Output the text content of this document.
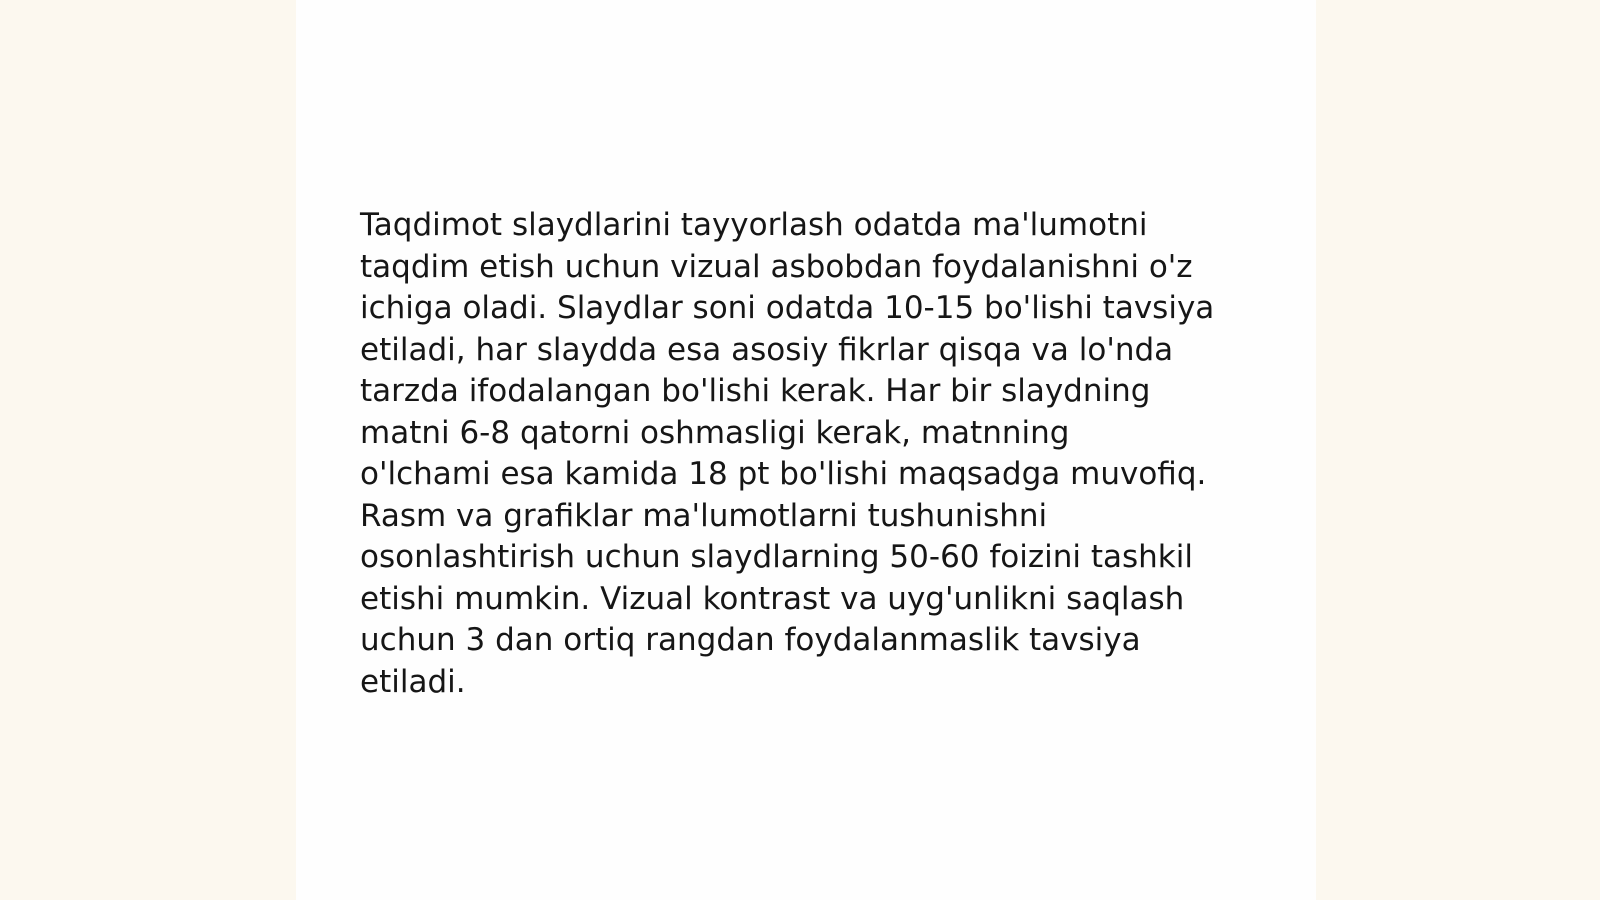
Taqdimot slaydlarini tayyorlash odatda ma'lumotni
taqdim etish uchun vizual asbobdan foydalanishni o'z
ichiga oladi. Slaydlar soni odatda 10-15 bo'lishi tavsiya
etiladi, har slaydda esa asosiy fikrlar qisqa va lo'nda
tarzda ifodalangan bo'lishi kerak. Har bir slaydning
matni 6-8 qatorni oshmasligi kerak, matnning
o'lchami esa kamida 18 pt bo'lishi maqsadga muvofiq.
Rasm va grafiklar ma'lumotlarni tushunishni
osonlashtirish uchun slaydlarning 50-60 foizini tashkil
etishi mumkin. Vizual kontrast va uyg'unlikni saqlash
uchun 3 dan ortiq rangdan foydalanmaslik tavsiya
etiladi.
